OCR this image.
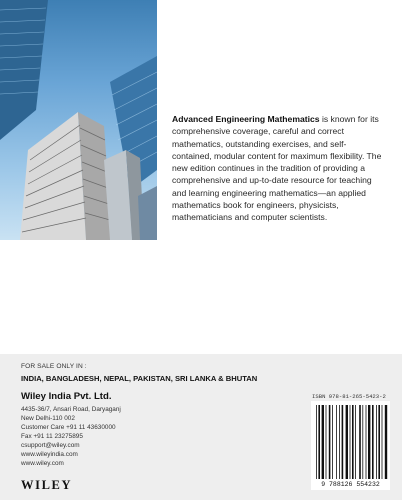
Advanced Engineering Mathematics is known for its comprehensive coverage, careful and correct mathematics, outstanding exercises, and self-contained, modular content for maximum flexibility. The new edition continues in the tradition of providing a comprehensive and up-to-date resource for teaching and learning engineering mathematics—an applied mathematics book for engineers, physicists, mathematicians and computer scientists.
FOR SALE ONLY IN :
INDIA, BANGLADESH, NEPAL, PAKISTAN, SRI LANKA & BHUTAN
Wiley India Pvt. Ltd.
4435-36/7, Ansari Road, Daryaganj
New Delhi-110 002
Customer Care +91 11 43630000
Fax +91 11 23275895
csupport@wiley.com
www.wileyindia.com
www.wiley.com
WILEY
ISBN 978-81-265-5423-2
9 788126 554232
